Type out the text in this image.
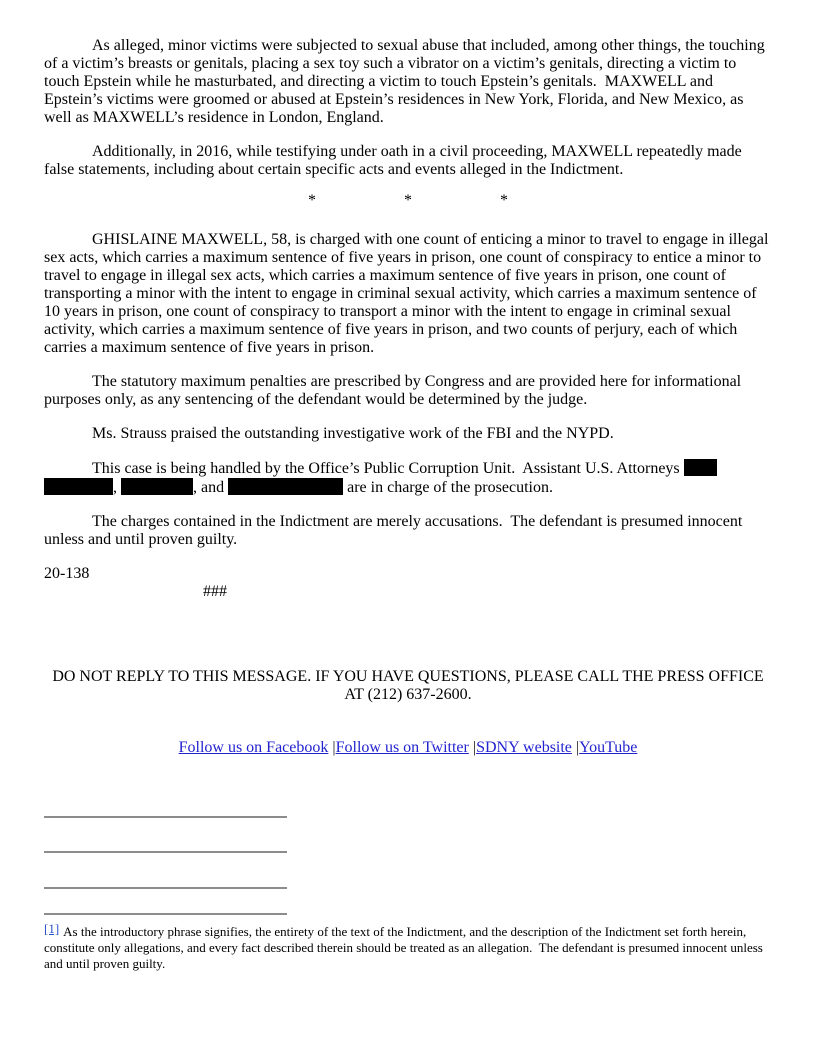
As alleged, minor victims were subjected to sexual abuse that included, among other things, the touching of a victim’s breasts or genitals, placing a sex toy such a vibrator on a victim’s genitals, directing a victim to touch Epstein while he masturbated, and directing a victim to touch Epstein’s genitals.  MAXWELL and Epstein’s victims were groomed or abused at Epstein’s residences in New York, Florida, and New Mexico, as well as MAXWELL’s residence in London, England.

Additionally, in 2016, while testifying under oath in a civil proceeding, MAXWELL repeatedly made false statements, including about certain specific acts and events alleged in the Indictment.

*	*	*

GHISLAINE MAXWELL, 58, is charged with one count of enticing a minor to travel to engage in illegal sex acts, which carries a maximum sentence of five years in prison, one count of conspiracy to entice a minor to travel to engage in illegal sex acts, which carries a maximum sentence of five years in prison, one count of transporting a minor with the intent to engage in criminal sexual activity, which carries a maximum sentence of 10 years in prison, one count of conspiracy to transport a minor with the intent to engage in criminal sexual activity, which carries a maximum sentence of five years in prison, and two counts of perjury, each of which carries a maximum sentence of five years in prison.

The statutory maximum penalties are prescribed by Congress and are provided here for informational purposes only, as any sentencing of the defendant would be determined by the judge.

Ms. Strauss praised the outstanding investigative work of the FBI and the NYPD.

This case is being handled by the Office’s Public Corruption Unit.  Assistant U.S. Attorneys
,	, and	are in charge of the prosecution.

The charges contained in the Indictment are merely accusations.  The defendant is presumed innocent unless and until proven guilty.

20-138

###

DO NOT REPLY TO THIS MESSAGE. IF YOU HAVE QUESTIONS, PLEASE CALL THE PRESS OFFICE AT (212) 637-2600.
Follow us on Facebook |Follow us on Twitter |SDNY website |YouTube
[1] As the introductory phrase signifies, the entirety of the text of the Indictment, and the description of the Indictment set forth herein, constitute only allegations, and every fact described therein should be treated as an allegation.  The defendant is presumed innocent unless and until proven guilty.
